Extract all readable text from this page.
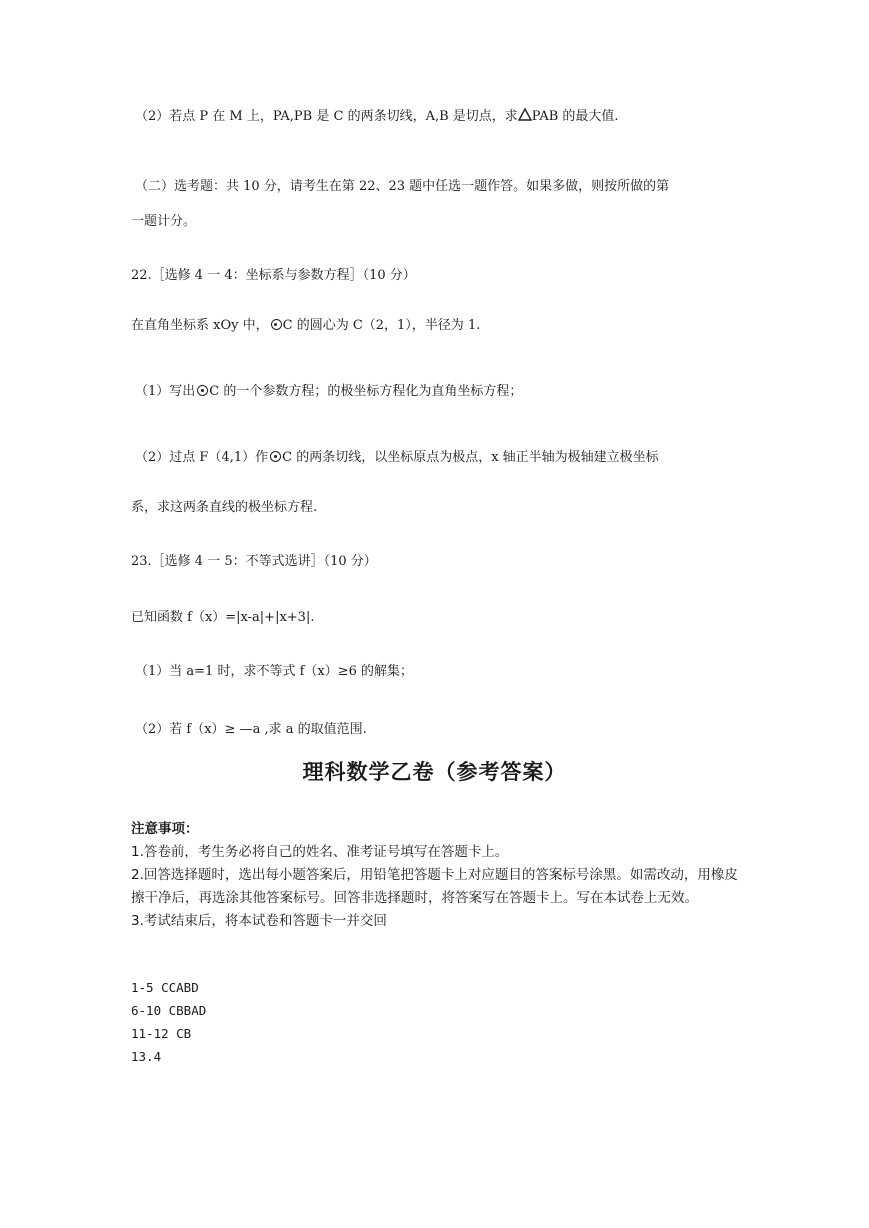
（2）若点 P 在 M 上，PA,PB 是 C 的两条切线，A,B 是切点，求 PAB 的最大值.
（二）选考题：共 10 分，请考生在第 22、23 题中任选一题作答。如果多做，则按所做的第
一题计分。
22.［选修 4 一 4：坐标系与参数方程］（10 分）
在直角坐标系 xOy 中， C 的圆心为 C（2，1），半径为 1.
（1）写出 C 的一个参数方程；的极坐标方程化为直角坐标方程；
（2）过点 F（4,1）作 C 的两条切线，以坐标原点为极点，x 轴正半轴为极轴建立极坐标
系，求这两条直线的极坐标方程.
23.［选修 4 一 5：不等式选讲］（10 分）
已知函数 f（x）=|x-a|+|x+3|.
（1）当 a=1 时，求不等式 f（x）≥6 的解集；
（2）若 f（x）≥ —a ,求 a 的取值范围.
理科数学乙卷（参考答案）

注意事项：

1.答卷前，考生务必将自己的姓名、准考证号填写在答题卡上。

2.回答选择题时，选出每小题答案后，用铅笔把答题卡上对应题目的答案标号涂黑。如需改动，用橡皮擦干净后，再选涂其他答案标号。回答非选择题时，将答案写在答题卡上。写在本试卷上无效。

3.考试结束后，将本试卷和答题卡一并交回

1-5 CCABD

6-10 CBBAD

11-12 CB

13.4
